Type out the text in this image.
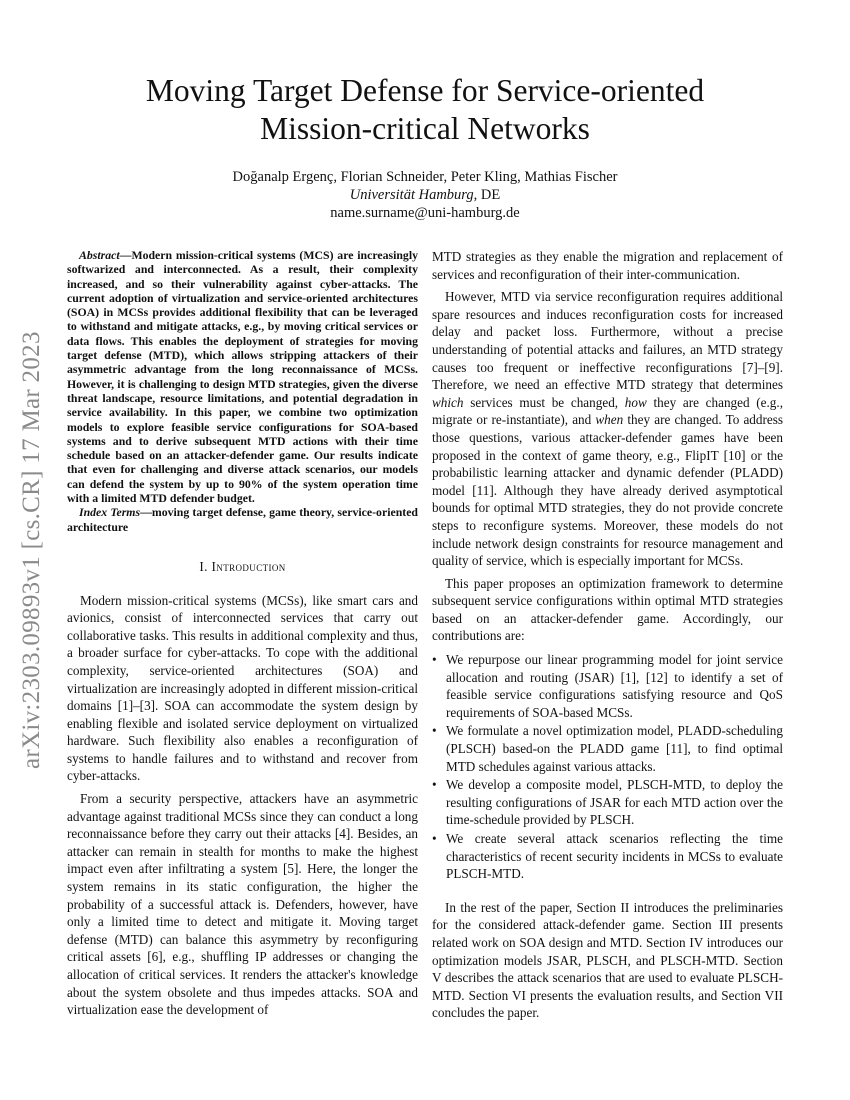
arXiv:2303.09893v1 [cs.CR] 17 Mar 2023
Moving Target Defense for Service-oriented
Mission-critical Networks
Doğanalp Ergenç, Florian Schneider, Peter Kling, Mathias Fischer
Universität Hamburg, DE
name.surname@uni-hamburg.de

Abstract—Modern mission-critical systems (MCS) are increasingly softwarized and interconnected. As a result, their complexity increased, and so their vulnerability against cyber-attacks. The current adoption of virtualization and service-oriented architectures (SOA) in MCSs provides additional flexibility that can be leveraged to withstand and mitigate attacks, e.g., by moving critical services or data flows. This enables the deployment of strategies for moving target defense (MTD), which allows stripping attackers of their asymmetric advantage from the long reconnaissance of MCSs. However, it is challenging to design MTD strategies, given the diverse threat landscape, resource limitations, and potential degradation in service availability. In this paper, we combine two optimization models to explore feasible service configurations for SOA-based systems and to derive subsequent MTD actions with their time schedule based on an attacker-defender game. Our results indicate that even for challenging and diverse attack scenarios, our models can defend the system by up to 90% of the system operation time with a limited MTD defender budget.

Index Terms—moving target defense, game theory, service-oriented architecture

I. Introduction

Modern mission-critical systems (MCSs), like smart cars and avionics, consist of interconnected services that carry out collaborative tasks. This results in additional complexity and thus, a broader surface for cyber-attacks. To cope with the additional complexity, service-oriented architectures (SOA) and virtualization are increasingly adopted in different mission-critical domains [1]–[3]. SOA can accommodate the system design by enabling flexible and isolated service deployment on virtualized hardware. Such flexibility also enables a reconfiguration of systems to handle failures and to withstand and recover from cyber-attacks.

From a security perspective, attackers have an asymmetric advantage against traditional MCSs since they can conduct a long reconnaissance before they carry out their attacks [4]. Besides, an attacker can remain in stealth for months to make the highest impact even after infiltrating a system [5]. Here, the longer the system remains in its static configuration, the higher the probability of a successful attack is. Defenders, however, have only a limited time to detect and mitigate it. Moving target defense (MTD) can balance this asymmetry by reconfiguring critical assets [6], e.g., shuffling IP addresses or changing the allocation of critical services. It renders the attacker's knowledge about the system obsolete and thus impedes attacks. SOA and virtualization ease the development of

MTD strategies as they enable the migration and replacement of services and reconfiguration of their inter-communication.

However, MTD via service reconfiguration requires additional spare resources and induces reconfiguration costs for increased delay and packet loss. Furthermore, without a precise understanding of potential attacks and failures, an MTD strategy causes too frequent or ineffective reconfigurations [7]–[9]. Therefore, we need an effective MTD strategy that determines which services must be changed, how they are changed (e.g., migrate or re-instantiate), and when they are changed. To address those questions, various attacker-defender games have been proposed in the context of game theory, e.g., FlipIT [10] or the probabilistic learning attacker and dynamic defender (PLADD) model [11]. Although they have already derived asymptotical bounds for optimal MTD strategies, they do not provide concrete steps to reconfigure systems. Moreover, these models do not include network design constraints for resource management and quality of service, which is especially important for MCSs.

This paper proposes an optimization framework to determine subsequent service configurations within optimal MTD strategies based on an attacker-defender game. Accordingly, our contributions are:

• We repurpose our linear programming model for joint service allocation and routing (JSAR) [1], [12] to identify a set of feasible service configurations satisfying resource and QoS requirements of SOA-based MCSs.
• We formulate a novel optimization model, PLADD-scheduling (PLSCH) based-on the PLADD game [11], to find optimal MTD schedules against various attacks.
• We develop a composite model, PLSCH-MTD, to deploy the resulting configurations of JSAR for each MTD action over the time-schedule provided by PLSCH.
• We create several attack scenarios reflecting the time characteristics of recent security incidents in MCSs to evaluate PLSCH-MTD.

In the rest of the paper, Section II introduces the preliminaries for the considered attack-defender game. Section III presents related work on SOA design and MTD. Section IV introduces our optimization models JSAR, PLSCH, and PLSCH-MTD. Section V describes the attack scenarios that are used to evaluate PLSCH-MTD. Section VI presents the evaluation results, and Section VII concludes the paper.
